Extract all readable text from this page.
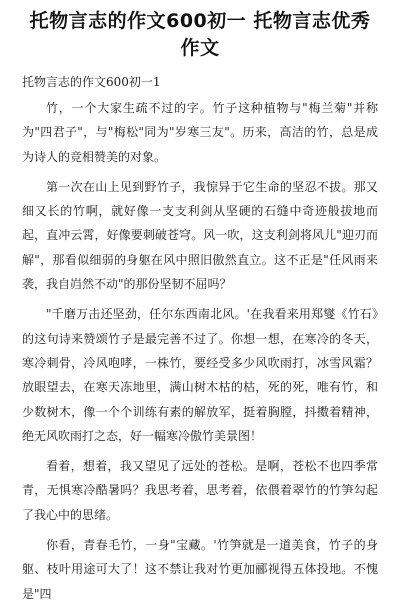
托物言志的作文600初一 托物言志优秀作文
托物言志的作文600初一1

竹，一个大家生疏不过的字。竹子这种植物与"梅兰菊"并称为"四君子"，与"梅松"同为"岁寒三友"。历来，高洁的竹，总是成为诗人的竞相赞美的对象。

第一次在山上见到野竹子，我惊异于它生命的坚忍不拔。那又细又长的竹啊，就好像一支支利剑从坚硬的石缝中奇迹般拔地而起，直冲云霄，好像要刺破苍穹。风一吹，这支利剑将风儿"迎刃而解"，那看似细弱的身躯在风中照旧傲然直立。这不正是"任风雨来袭，我自岿然不动"的那份坚韧不屈吗？

"千磨万击还坚劲，任尔东西南北风。'在我看来用郑燮《竹石》的这句诗来赞颂竹子是最完善不过了。你想一想，在寒冷的冬天，寒冷刺骨，冷风咆哮，一株竹，要经受多少风吹雨打，冰雪风霜？放眼望去，在寒天冻地里，满山树木枯的枯，死的死，唯有竹，和少数树木，像一个个训练有素的解放军，挺着胸膛，抖擞着精神，绝无风吹雨打之态，好一幅寒冷傲竹美景图！

看着，想着，我又望见了远处的苍松。是啊，苍松不也四季常青，无惧寒冷酷暑吗？我思考着，思考着，依偎着翠竹的竹笋勾起了我心中的思绪。

你看，青春毛竹，一身"宝藏。'竹笋就是一道美食，竹子的身躯、枝叶用途可大了！这不禁让我对竹更加郦视得五体投地。不愧是"四
